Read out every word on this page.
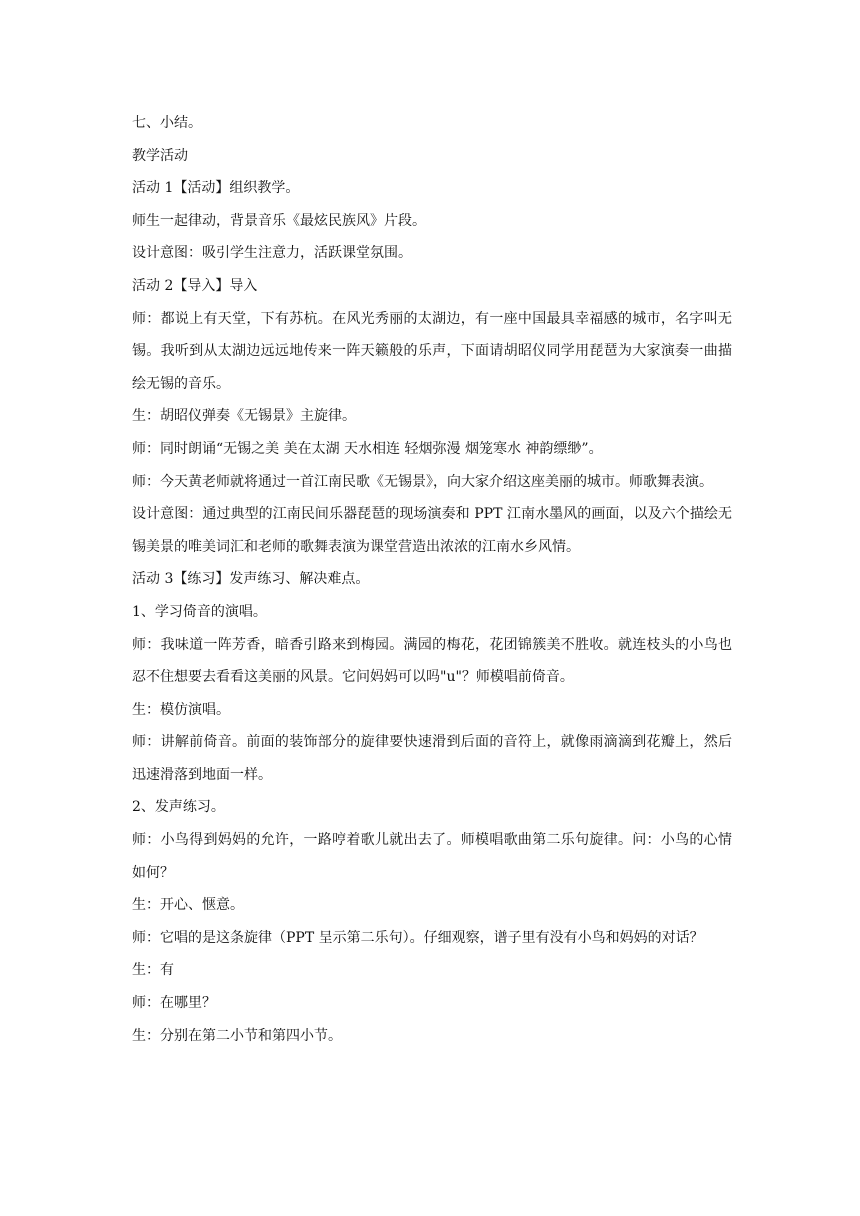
七、小结。

教学活动

活动 1【活动】组织教学。

师生一起律动，背景音乐《最炫民族风》片段。

设计意图：吸引学生注意力，活跃课堂氛围。

活动 2【导入】导入

师：都说上有天堂，下有苏杭。在风光秀丽的太湖边，有一座中国最具幸福感的城市，名字叫无锡。我听到从太湖边远远地传来一阵天籁般的乐声，下面请胡昭仪同学用琵琶为大家演奏一曲描绘无锡的音乐。

生：胡昭仪弹奏《无锡景》主旋律。

师：同时朗诵“无锡之美 美在太湖 天水相连 轻烟弥漫 烟笼寒水 神韵缥缈”。

师：今天黄老师就将通过一首江南民歌《无锡景》，向大家介绍这座美丽的城市。师歌舞表演。

设计意图：通过典型的江南民间乐器琵琶的现场演奏和 PPT 江南水墨风的画面，以及六个描绘无锡美景的唯美词汇和老师的歌舞表演为课堂营造出浓浓的江南水乡风情。

活动 3【练习】发声练习、解决难点。

1、学习倚音的演唱。

师：我味道一阵芳香，暗香引路来到梅园。满园的梅花，花团锦簇美不胜收。就连枝头的小鸟也忍不住想要去看看这美丽的风景。它问妈妈可以吗"u"？师模唱前倚音。

生：模仿演唱。

师：讲解前倚音。前面的装饰部分的旋律要快速滑到后面的音符上，就像雨滴滴到花瓣上，然后迅速滑落到地面一样。

2、发声练习。

师：小鸟得到妈妈的允许，一路哼着歌儿就出去了。师模唱歌曲第二乐句旋律。问：小鸟的心情如何？

生：开心、惬意。

师：它唱的是这条旋律（PPT 呈示第二乐句）。仔细观察，谱子里有没有小鸟和妈妈的对话？

生：有

师：在哪里？

生：分别在第二小节和第四小节。
